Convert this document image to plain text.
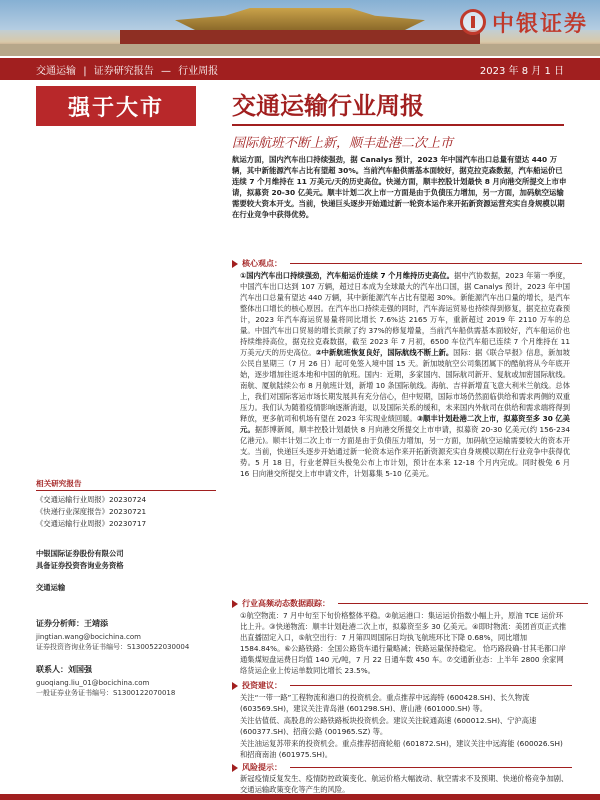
中银证券
交通运输 | 证券研究报告 — 行业周报	2023 年 8 月 1 日
强于大市	交通运输行业周报
国际航班不断上新，顺丰赴港二次上市
航运方面，国内汽车出口持续强劲，据 Canalys 预计，2023 年中国汽车出口总量有望达 440 万辆，其中新能源汽车占比有望超 30%。当前汽车船供需基本面较好，据克拉克森数据，汽车船运价已连续 7 个月维持在 11 万美元/天的历史高位。快递方面，顺丰控股计划最快 8 月向港交所提交上市申请，拟募资 20-30 亿美元。顺丰计划二次上市一方面是由于负债压力增加，另一方面，加码航空运输需要较大资本开支。当前，快递巨头逐步开始通过新一轮资本运作来开拓新资源运营充实自身规模以期在行业竞争中获得优势。
核心观点：
①国内汽车出口持续强劲，汽车船运价连续 7 个月维持历史高位。据中汽协数据，2023 年第一季度，中国汽车出口达到 107 万辆，超过日本成为全球最大的汽车出口国，据 Canalys 预计，2023 年中国汽车出口总量有望达 440 万辆，其中新能源汽车占比有望超 30%。新能源汽车出口量的增长，是汽车整体出口增长的核心原因。在汽车出口持续走强的同时，汽车海运贸易也持续得到修复，据克拉克森预计，2023 年汽车海运贸易量将同比增长 7.6%达 2165 万车，重新超过 2019 年 2110 万车的总量。中国汽车出口贸易的增长贡献了约 37%的修复增量，当前汽车船供需基本面较好，汽车船运价也持续维持高位，据克拉克森数据，截至 2023 年 7 月初，6500 车位汽车船已连续 7 个月维持在 11 万美元/天的历史高位。②中新航班恢复良好，国际航线不断上新。国际：据《联合早报》信息，新加坡公民自星期三（7 月 26 日）起可免签入境中国 15 天。新加坡航空公司集团属下的酷航将从今年底开始，逐步增加往返本地和中国的航班。国内：近期，多家国内、国际航司新开、复航或加密国际航线。南航、厦航陆续公布 8 月航班计划，新增 10 条国际航线。海航、吉祥新增直飞意大利米兰航线。总体上，我们对国际客运市场长期发展具有充分信心，但中短期，国际市场仍然面临供给和需求两侧的双重压力。我们认为随着疫情影响逐渐消退，以及国际关系的缓和，未来国内外航司在供给和需求端将得到释放，更多航司和机场有望在 2023 年实现业绩回暖。③顺丰计划赴港二次上市，拟募资至多 30 亿美元。据彭博新闻，顺丰控股计划最快 8 月向港交所提交上市申请，拟募资 20-30 亿美元(约 156-234 亿港元)。顺丰计划二次上市一方面是由于负债压力增加，另一方面，加码航空运输需要较大的资本开支。当前，快递巨头逐步开始通过新一轮资本运作来开拓新资源充实自身规模以期在行业竞争中获得优势。5 月 18 日，行业老牌巨头极兔公布上市计划，预计在本来 12-18 个月内完成。同时极兔 6 月 16 日向港交所提交上市申请文件，计划募集 5-10 亿美元。
行业高频动态数据跟踪：
①航空物流：7 月中旬至下旬价格整体平稳。②航运港口：集运运价指数小幅上升，原油 TCE 运价环比上升。③快递物流：顺丰计划赴港二次上市，拟募资至多 30 亿美元。④即时物流：美团首页正式推出直播固定入口，⑤航空出行：7 月第四周国际日均执飞航班环比下降 0.68%，同比增加 1584.84%。⑥公路铁路：全国公路货车通行量略减；铁路运量保持稳定。 恰巧路段确-甘其毛都口岸通集煤短盘运费日均值 140 元/吨，7 月 22 日通车数 450 车。⑦交通新业态：上半年 2800 余家网络货运企业上传运单数同比增长 23.5%。
投资建议：
关注“一带一路”工程物流和港口的投资机会。重点推荐中远海特 (600428.SH)、长久物流 (603569.SH)，建议关注青岛港 (601298.SH)、唐山港 (601000.SH) 等。
关注估值低、高股息的公路铁路板块投资机会。建议关注皖通高速 (600012.SH)、宁沪高速 (600377.SH)、招商公路 (001965.SZ) 等。
关注油运复苏带来的投资机会。重点推荐招商轮船 (601872.SH)，建议关注中远海能 (600026.SH) 和招商南油 (601975.SH)。
风险提示：
新冠疫情反复发生、疫情防控政策变化、航运价格大幅波动、航空需求不及预期、快递价格竞争加剧、交通运输政策变化等产生的风险。
相关研究报告
《交通运输行业周报》20230724
《快递行业深度报告》20230721
《交通运输行业周报》20230717
中银国际证券股份有限公司
具备证券投资咨询业务资格
交通运输
证券分析师：王靖添
jingtian.wang@bocichina.com
证券投资咨询业务证书编号：S1300522030004
联系人：刘国强
guoqiang.liu_01@bocichina.com
一般证券业务证书编号：S1300122070018
